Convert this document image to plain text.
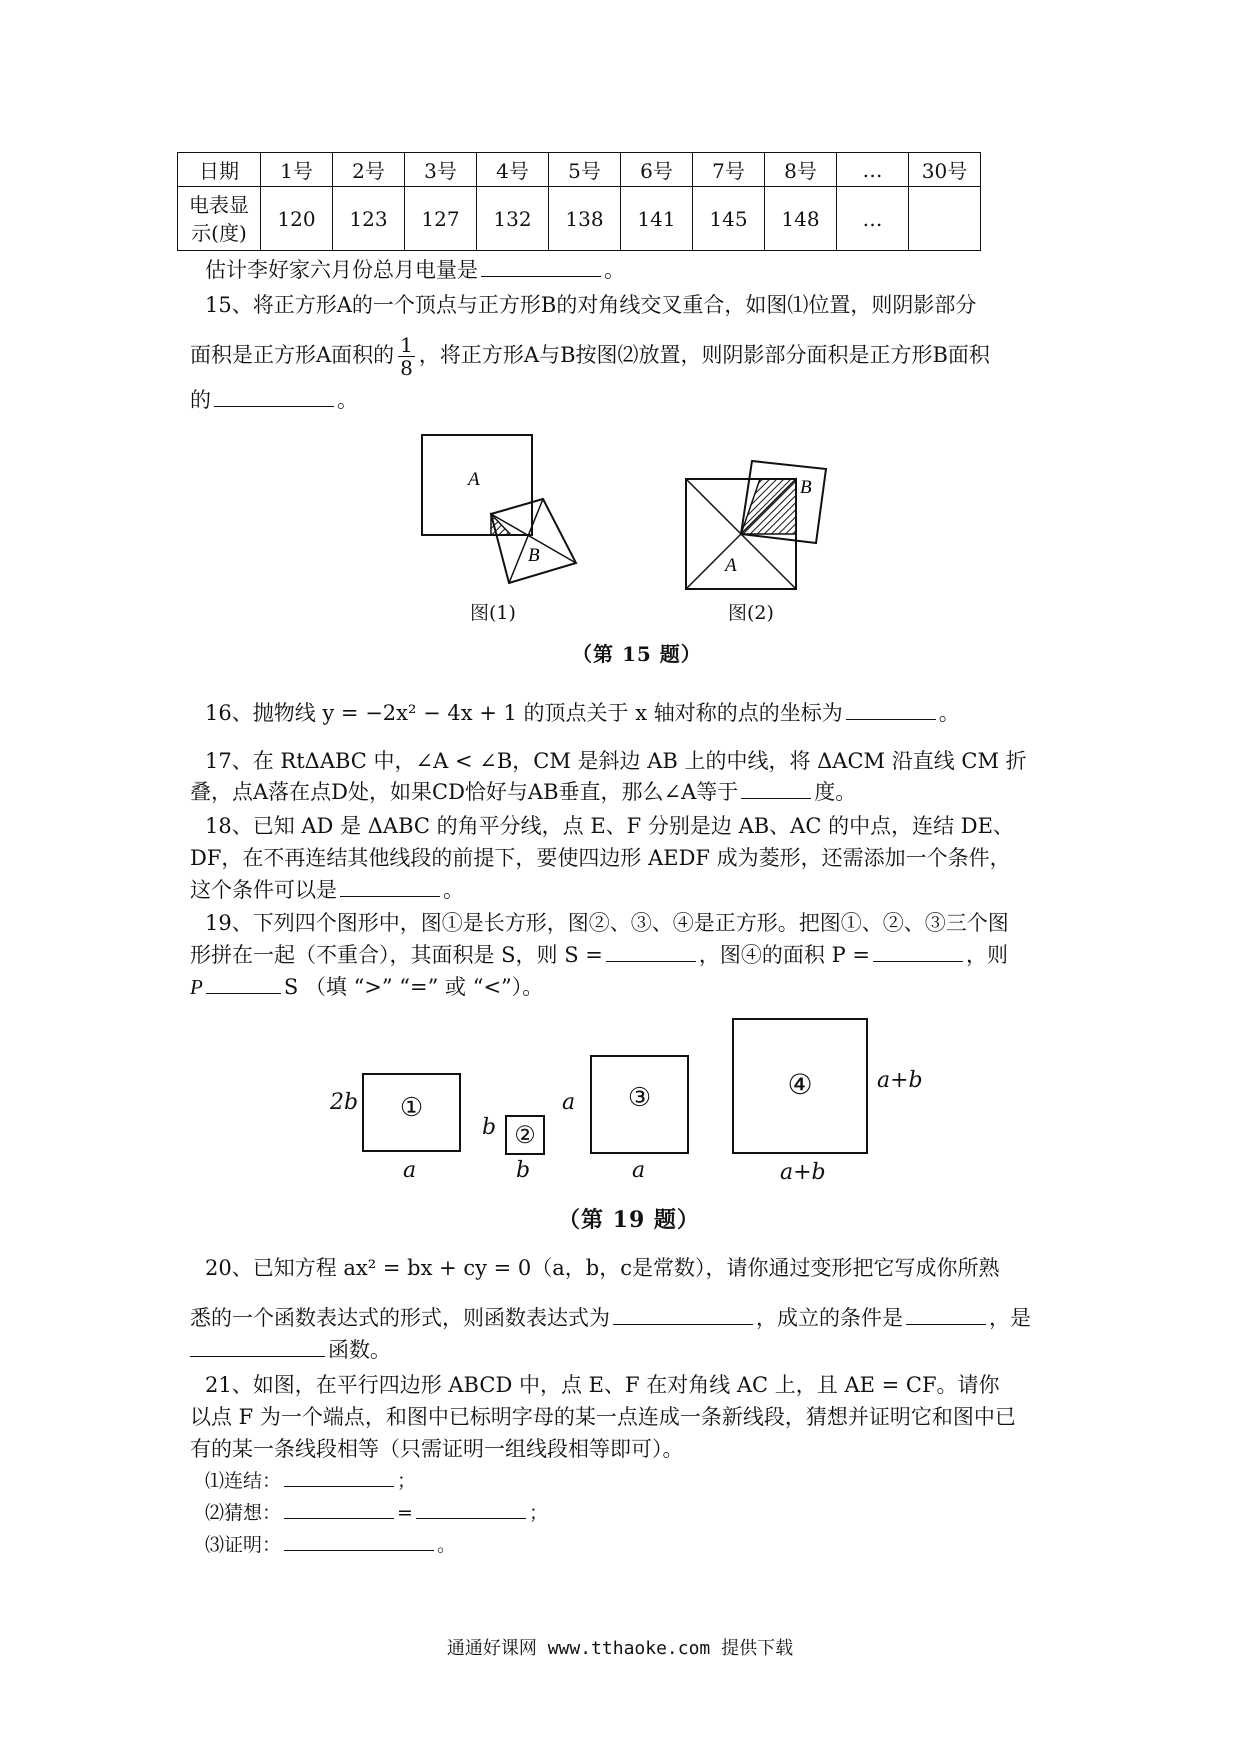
日期	1号	2号	3号	4号	5号	6号	7号	8号	…	30号
电表显
示(度)	120	123	127	132	138	141	145	148	…	
估计李好家六月份总月电量是	。
15、将正方形A的一个顶点与正方形B的对角线交叉重合，如图⑴位置，则阴影部分
面积是正方形A面积的 $\frac{1}{8}$ ，将正方形A与B按图⑵放置，则阴影部分面积是正方形B面积
的	。
A
B
图(1)
A
B
图(2)
（第 15 题）
16、抛物线 y = −2x² − 4x + 1 的顶点关于 x 轴对称的点的坐标为	。
17、在 RtΔABC 中，∠A < ∠B，CM 是斜边 AB 上的中线，将 ΔACM 沿直线 CM 折
叠，点A落在点D处，如果CD恰好与AB垂直，那么∠A等于	度。
18、已知 AD 是 ΔABC 的角平分线，点 E、F 分别是边 AB、AC 的中点，连结 DE、
DF，在不再连结其他线段的前提下，要使四边形 AEDF 成为菱形，还需添加一个条件，
这个条件可以是	。
19、下列四个图形中，图①是长方形，图②、③、④是正方形。把图①、②、③三个图
形拼在一起（不重合），其面积是 S，则 S =	，图④的面积 P =	，则
P	S （填 “>” “=” 或 “<”）。
2b	①
a
b ②
b
a	③
a
④	a+b
a+b
（第 19 题）
20、已知方程 ax² = bx + cy = 0（a，b，c是常数），请你通过变形把它写成你所熟
悉的一个函数表达式的形式，则函数表达式为	，成立的条件是	，是
函数。
21、如图，在平行四边形 ABCD 中，点 E、F 在对角线 AC 上，且 AE = CF。请你
以点 F 为一个端点，和图中已标明字母的某一点连成一条新线段，猜想并证明它和图中已
有的某一条线段相等（只需证明一组线段相等即可）。
⑴连结：	；
⑵猜想：	=	；
⑶证明：	。
通通好课网 www.tthaoke.com 提供下载
